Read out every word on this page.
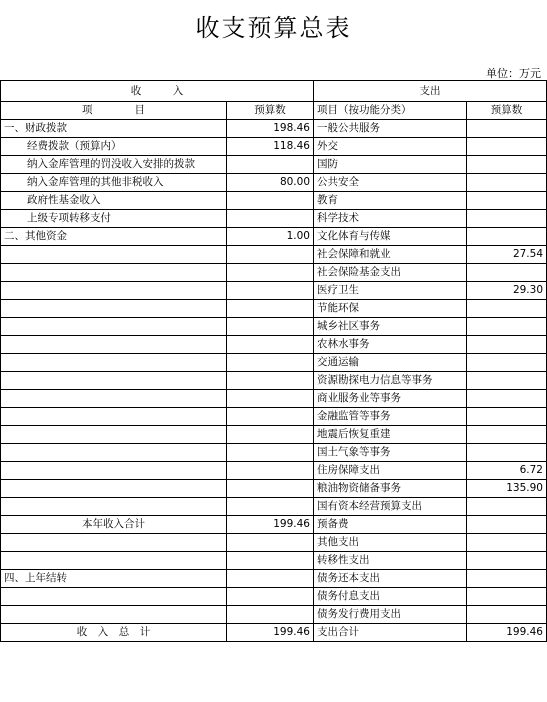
收支预算总表
单位：万元
收　　　入		支出	
项　　　　目	预算数	项目（按功能分类）	预算数
一、财政拨款	198.46	一般公共服务	
经费拨款（预算内）	118.46	外交	
纳入金库管理的罚没收入安排的拨款		国防	
纳入金库管理的其他非税收入	80.00	公共安全	
政府性基金收入		教育	
上级专项转移支付		科学技术	
二、其他资金	1.00	文化体育与传媒	
		社会保障和就业	27.54
		社会保险基金支出	
		医疗卫生	29.30
		节能环保	
		城乡社区事务	
		农林水事务	
		交通运输	
		资源勘探电力信息等事务	
		商业服务业等事务	
		金融监管等事务	
		地震后恢复重建	
		国土气象等事务	
		住房保障支出	6.72
		粮油物资储备事务	135.90
		国有资本经营预算支出	
本年收入合计	199.46	预备费	
		其他支出	
		转移性支出	
四、上年结转		债务还本支出	
		债务付息支出	
		债务发行费用支出	
收　入　总　计	199.46	支出合计	199.46
